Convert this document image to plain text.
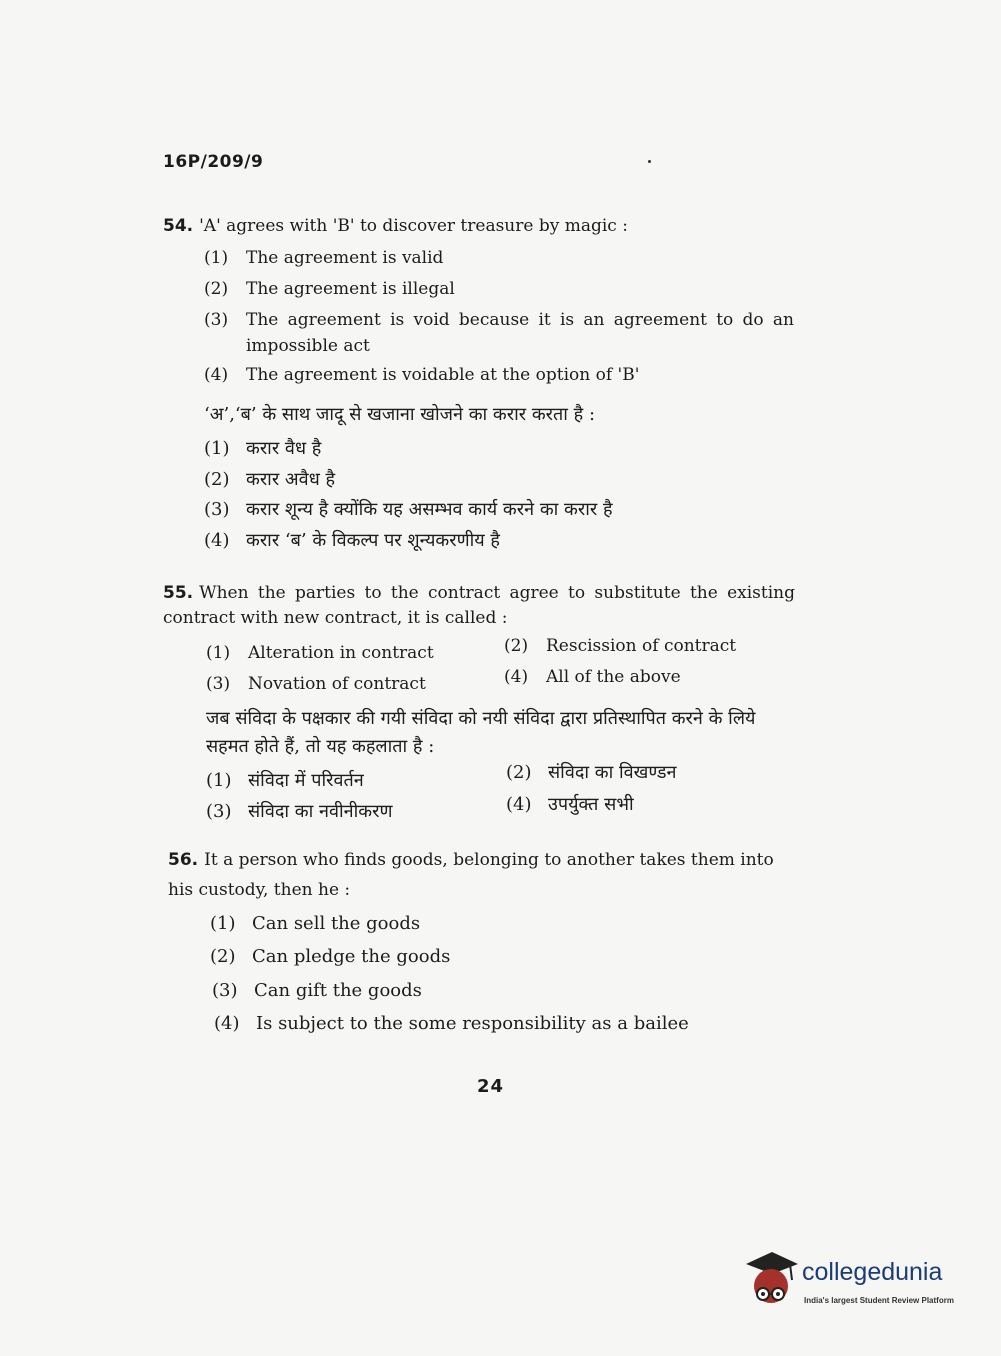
16P/209/9
54. 'A' agrees with 'B' to discover treasure by magic :
(1) The agreement is valid
(2) The agreement is illegal
(3)	The agreement is void because it is an agreement to do an impossible act
(4) The agreement is voidable at the option of 'B'
‘अ’,‘ब’ के साथ जादू से खजाना खोजने का करार करता है :
(1) करार वैध है
(2) करार अवैध है
(3) करार शून्य है क्योंकि यह असम्भव कार्य करने का करार है
(4) करार ‘ब’ के विकल्प पर शून्यकरणीय है
55. When the parties to the contract agree to substitute the existing contract with new contract, it is called :
(1) Alteration in contract	(2) Rescission of contract
(3) Novation of contract	(4) All of the above
जब संविदा के पक्षकार की गयी संविदा को नयी संविदा द्वारा प्रतिस्थापित करने के लिये सहमत होते हैं, तो यह कहलाता है :
(1) संविदा में परिवर्तन	(2) संविदा का विखण्डन
(3) संविदा का नवीनीकरण	(4) उपर्युक्त सभी
56. It a person who finds goods, belonging to another takes them into his custody, then he :
(1) Can sell the goods
(2) Can pledge the goods
(3) Can gift the goods
(4) Is subject to the some responsibility as a bailee
24
collegedunia
India's largest Student Review Platform
